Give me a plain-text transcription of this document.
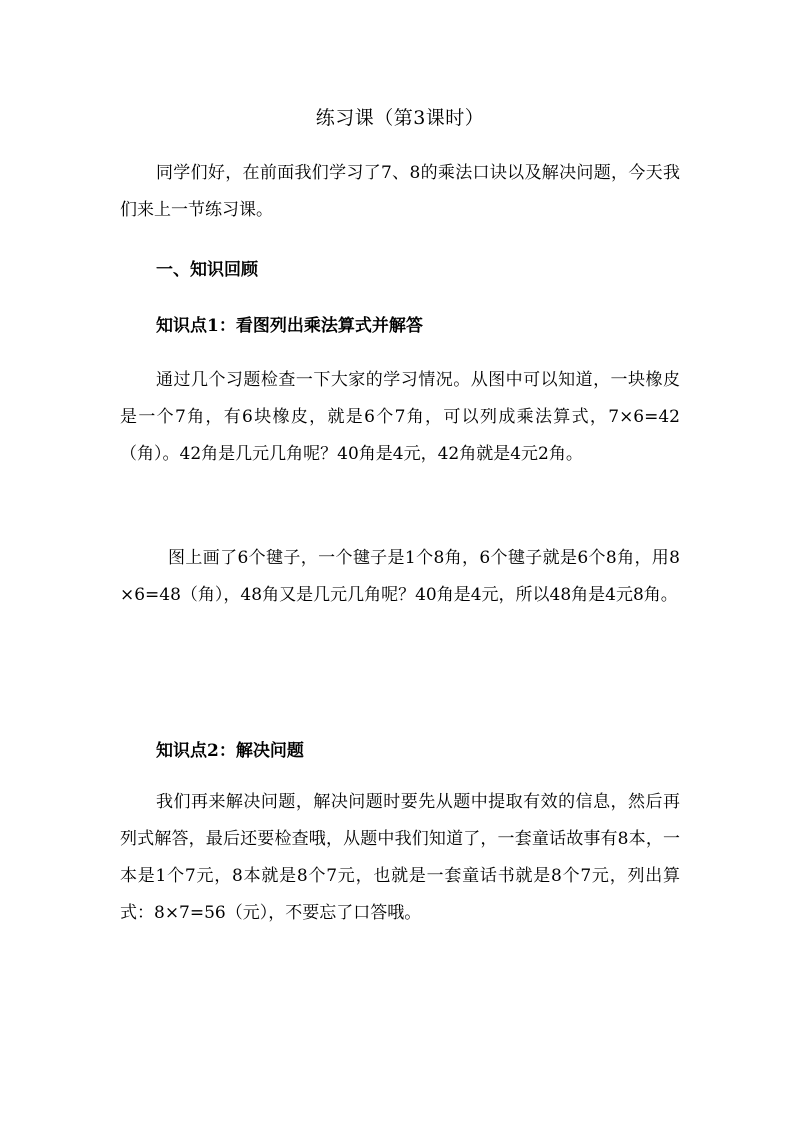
练习课（第3课时）

同学们好，在前面我们学习了7、8的乘法口诀以及解决问题，今天我们来上一节练习课。

一、知识回顾
知识点1：看图列出乘法算式并解答

通过几个习题检查一下大家的学习情况。从图中可以知道，一块橡皮是一个7角，有6块橡皮，就是6个7角，可以列成乘法算式，7×6=42（角）。42角是几元几角呢？40角是4元，42角就是4元2角。

图上画了6个毽子，一个毽子是1个8角，6个毽子就是6个8角，用8×6=48（角），48角又是几元几角呢？40角是4元，所以48角是4元8角。

知识点2：解决问题

我们再来解决问题，解决问题时要先从题中提取有效的信息，然后再列式解答，最后还要检查哦，从题中我们知道了，一套童话故事有8本，一本是1个7元，8本就是8个7元，也就是一套童话书就是8个7元，列出算式：8×7=56（元），不要忘了口答哦。
